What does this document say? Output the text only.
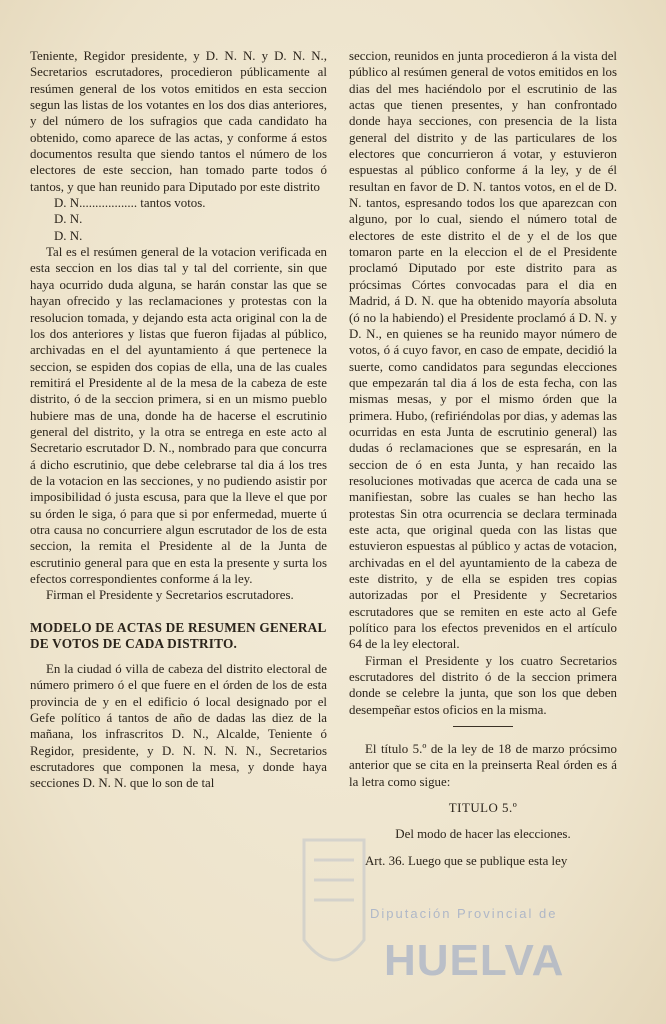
Teniente, Regidor presidente, y D. N. N. y D. N. N., Secretarios escrutadores, procedieron públicamente al resúmen general de los votos emitidos en esta seccion segun las listas de los votantes en los dos dias anteriores, y del número de los sufragios que cada candidato ha obtenido, como aparece de las actas, y conforme á estos documentos resulta que siendo tantos el número de los electores de este seccion, han tomado parte todos ó tantos, y que han reunido para Diputado por este distrito

D. N.................. tantos votos.

D. N.

D. N.

Tal es el resúmen general de la votacion verificada en esta seccion en los dias tal y tal del corriente, sin que haya ocurrido duda alguna, se harán constar las que se hayan ofrecido y las reclamaciones y protestas con la resolucion tomada, y dejando esta acta original con la de los dos anteriores y listas que fueron fijadas al público, archivadas en el del ayuntamiento á que pertenece la seccion, se espiden dos copias de ella, una de las cuales remitirá el Presidente al de la mesa de la cabeza de este distrito, ó de la seccion primera, si en un mismo pueblo hubiere mas de una, donde ha de hacerse el escrutinio general del distrito, y la otra se entrega en este acto al Secretario escrutador D. N., nombrado para que concurra á dicho escrutinio, que debe celebrarse tal dia á los tres de la votacion en las secciones, y no pudiendo asistir por imposibilidad ó justa escusa, para que la lleve el que por su órden le siga, ó para que si por enfermedad, muerte ú otra causa no concurriere algun escrutador de los de esta seccion, la remita el Presidente al de la Junta de escrutinio general para que en esta la presente y surta los efectos correspondientes conforme á la ley.

Firman el Presidente y Secretarios escrutadores.

MODELO DE ACTAS DE RESUMEN GENERAL DE VOTOS DE CADA DISTRITO.

En la ciudad ó villa de cabeza del distrito electoral de número primero ó el que fuere en el órden de los de esta provincia de y en el edificio ó local designado por el Gefe político á tantos de año de dadas las diez de la mañana, los infrascritos D. N., Alcalde, Teniente ó Regidor, presidente, y D. N. N. N. N., Secretarios escrutadores que componen la mesa, y donde haya secciones D. N. N. que lo son de tal

seccion, reunidos en junta procedieron á la vista del público al resúmen general de votos emitidos en los dias del mes haciéndolo por el escrutinio de las actas que tienen presentes, y han confrontado donde haya secciones, con presencia de la lista general del distrito y de las particulares de los electores que concurrieron á votar, y estuvieron espuestas al público conforme á la ley, y de él resultan en favor de D. N. tantos votos, en el de D. N. tantos, espresando todos los que aparezcan con alguno, por lo cual, siendo el número total de electores de este distrito el de y el de los que tomaron parte en la eleccion el de el Presidente proclamó Diputado por este distrito para as prócsimas Córtes convocadas para el dia en Madrid, á D. N. que ha obtenido mayoría absoluta (ó no la habiendo) el Presidente proclamó á D. N. y D. N., en quienes se ha reunido mayor número de votos, ó á cuyo favor, en caso de empate, decidió la suerte, como candidatos para segundas elecciones que empezarán tal dia á los de esta fecha, con las mismas mesas, y por el mismo órden que la primera. Hubo, (refiriéndolas por dias, y ademas las ocurridas en esta Junta de escrutinio general) las dudas ó reclamaciones que se espresarán, en la seccion de ó en esta Junta, y han recaido las resoluciones motivadas que acerca de cada una se manifiestan, sobre las cuales se han hecho las protestas Sin otra ocurrencia se declara terminada este acta, que original queda con las listas que estuvieron espuestas al público y actas de votacion, archivadas en el del ayuntamiento de la cabeza de este distrito, y de ella se espiden tres copias autorizadas por el Presidente y Secretarios escrutadores que se remiten en este acto al Gefe político para los efectos prevenidos en el artículo 64 de la ley electoral.

Firman el Presidente y los cuatro Secretarios escrutadores del distrito ó de la seccion primera donde se celebre la junta, que son los que deben desempeñar estos oficios en la misma.

El título 5.º de la ley de 18 de marzo prócsimo anterior que se cita en la preinserta Real órden es á la letra como sigue:

TITULO 5.º

Del modo de hacer las elecciones.

Art. 36. Luego que se publique esta ley

Diputación Provincial de
HUELVA
